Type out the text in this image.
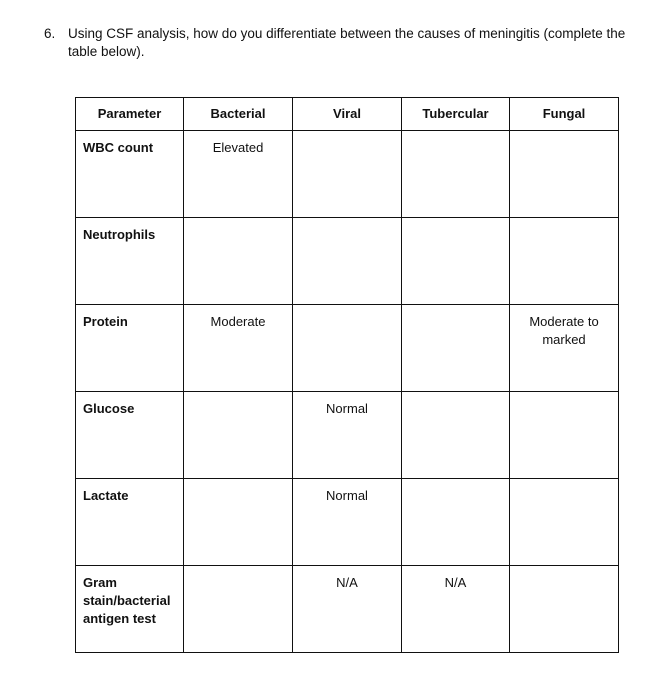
6. Using CSF analysis, how do you differentiate between the causes of meningitis (complete the table below).
Parameter	Bacterial	Viral	Tubercular	Fungal

WBC count	Elevated			

Neutrophils				

Protein	Moderate			Moderate to marked

Glucose		Normal		

Lactate		Normal		

Gram stain/bacterial antigen test		N/A	N/A	
